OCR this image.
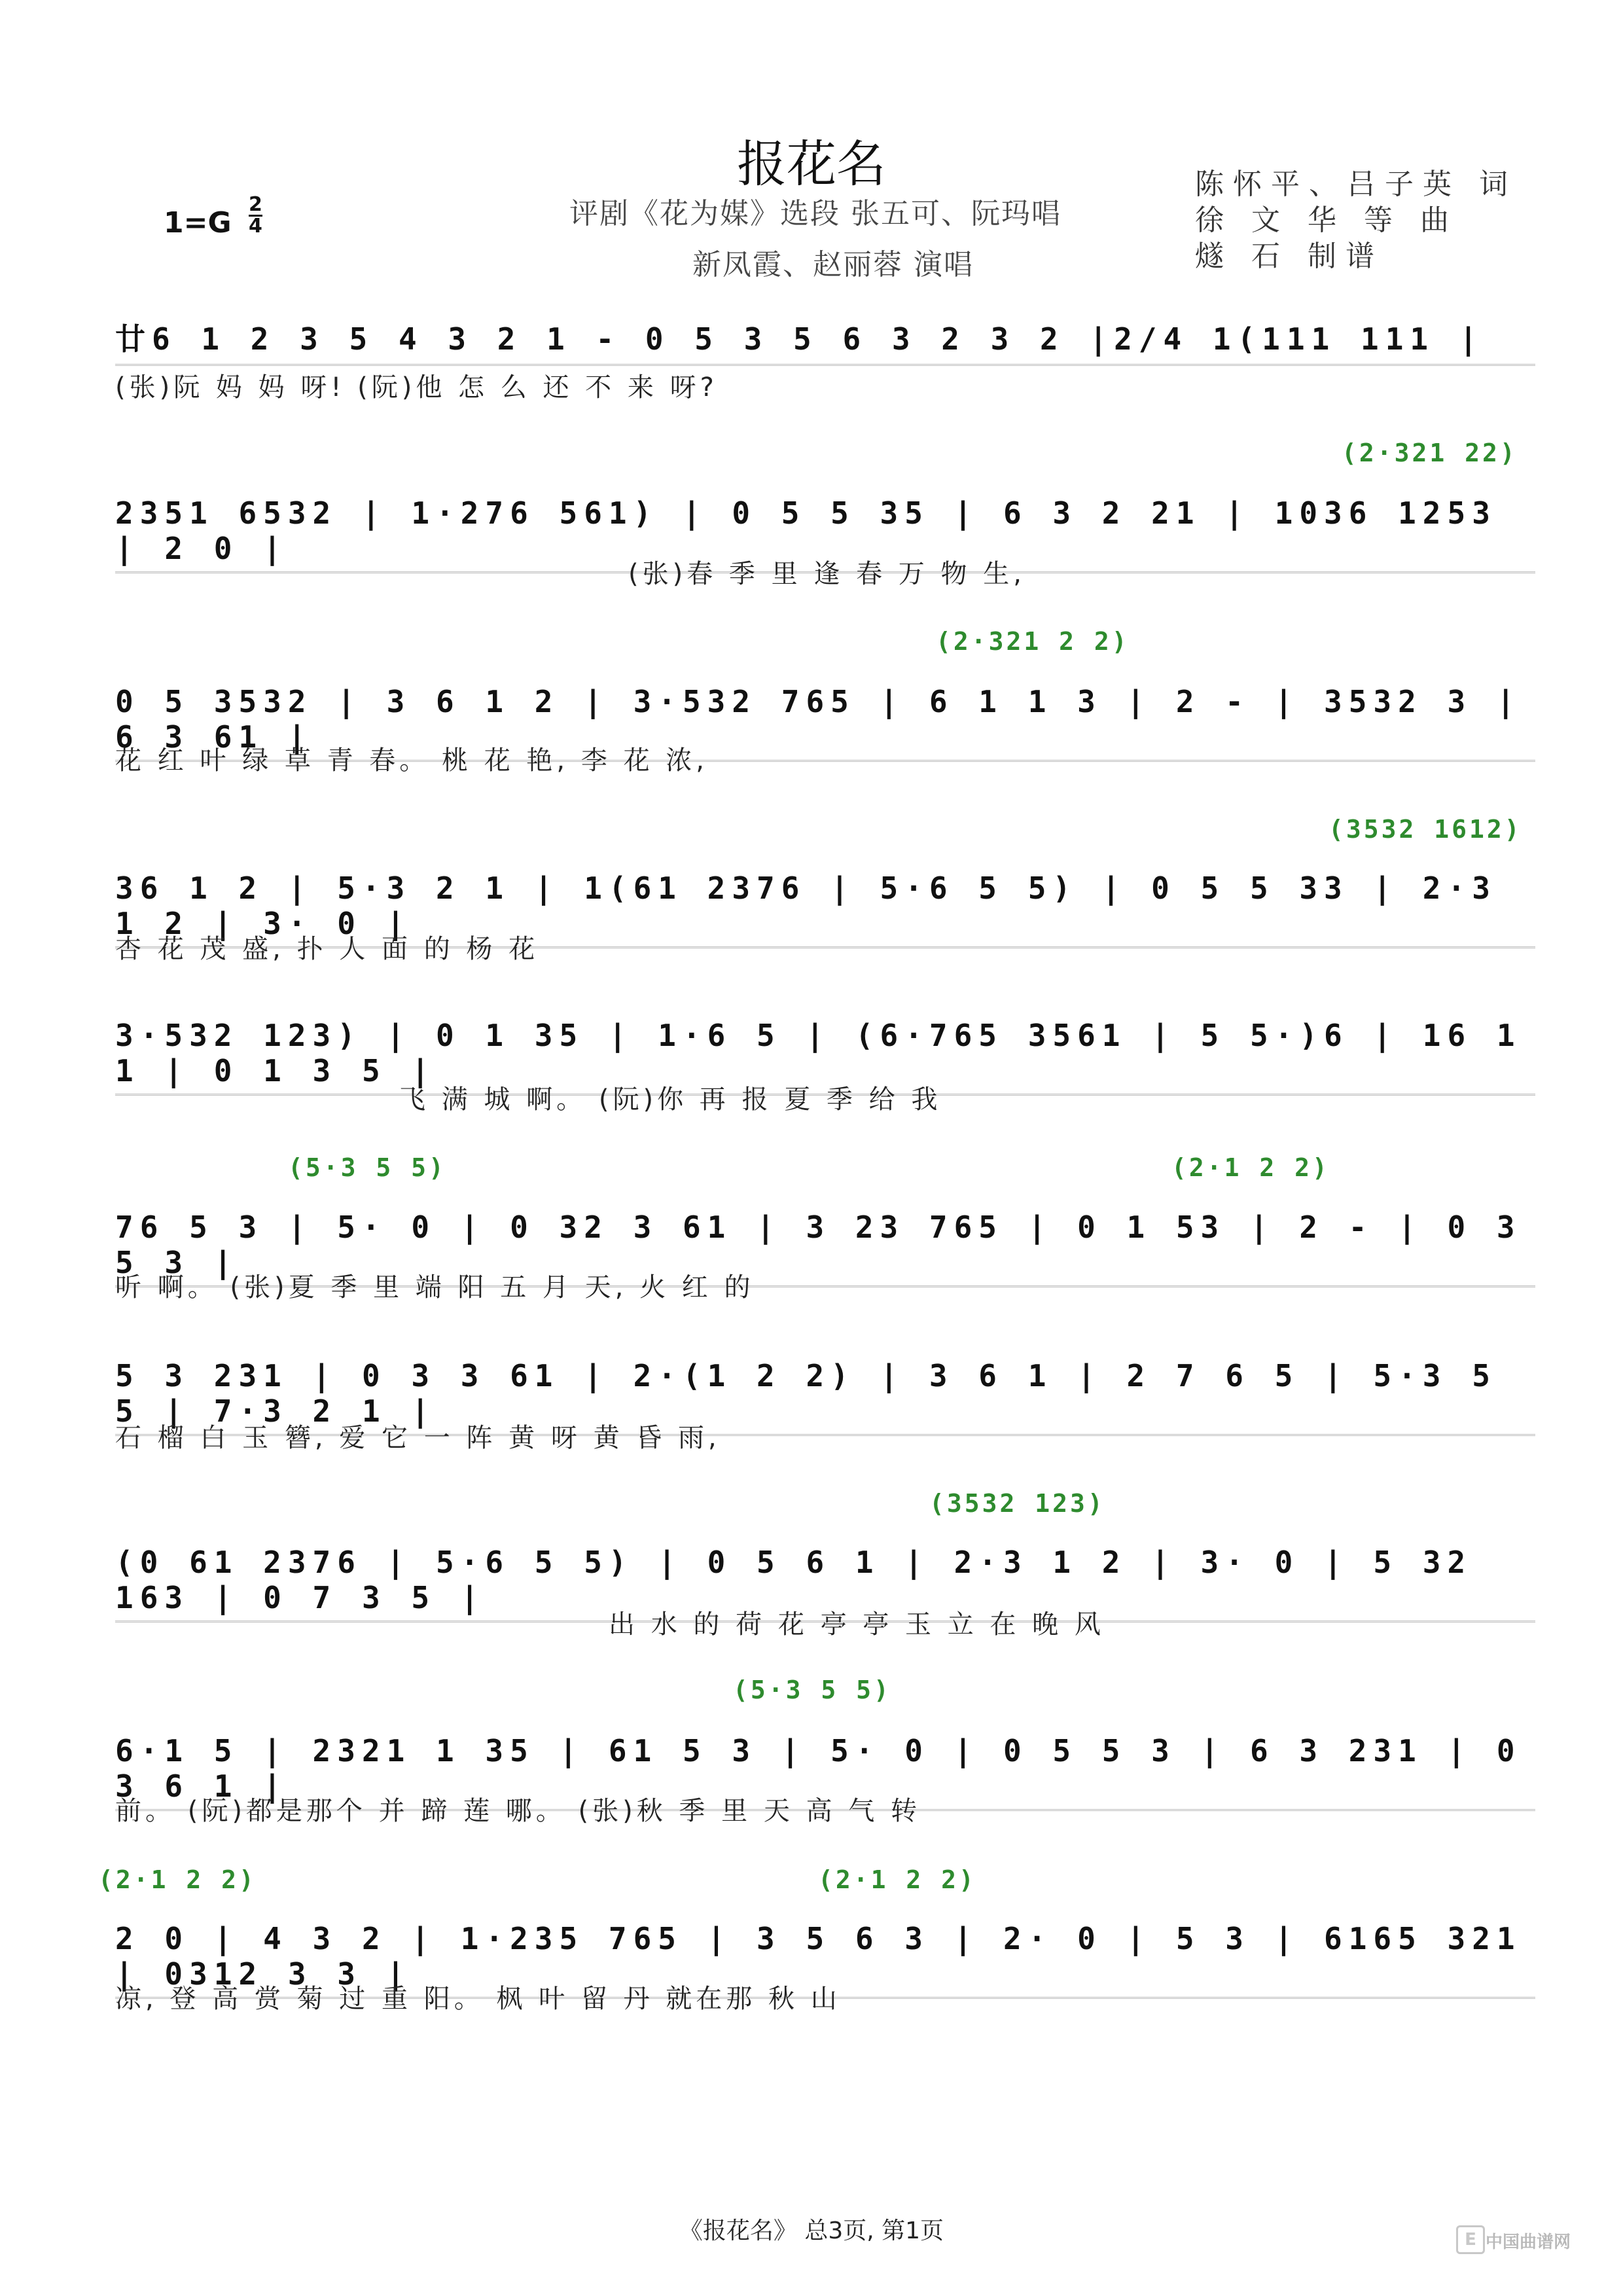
报花名
评剧《花为媒》选段 张五可、阮玛唱
新凤霞、赵丽蓉 演唱
陈怀平、吕子英 词
徐 文 华 等 曲
燧 石 制谱
$1=G \frac{2}{4}$
廿6 1 2 3 5 4 3 2 1 - 0 5 3 5 6 3 2 3 2 |2/4 1(111 111 |
(张)阮 妈 妈 呀! (阮)他 怎 么 还 不 来 呀?
(2·321 22)
2351 6532 | 1·276 561) | 0 5 5 35 | 6 3 2 21 | 1036 1253 | 2 0 |
(张)春 季 里 逢 春 万 物 生,
(2·321 2 2)
0 5 3532 | 3 6 1 2 | 3·532 765 | 6 1 1 3 | 2 - | 3532 3 | 6 3 61 |
花 红 叶 绿 草 青 春。 桃 花 艳, 李 花 浓,
(3532 1612)
36 1 2 | 5·3 2 1 | 1(61 2376 | 5·6 5 5) | 0 5 5 33 | 2·3 1 2 | 3· 0 |
杏 花 茂 盛, 扑 人 面 的 杨 花
3·532 123) | 0 1 35 | 1·6 5 | (6·765 3561 | 5 5·)6 | 16 1 1 | 0 1 3 5 |
飞 满 城 啊。 (阮)你 再 报 夏 季 给 我
(5·3 5 5)
76 5 3 | 5· 0 | 0 32 3 61 | 3 23 765 | 0 1 53 | 2 - | 0 3 5 3 |
听 啊。 (张)夏 季 里 端 阳 五 月 天, 火 红 的
(2·1 2 2)
5 3 231 | 0 3 3 61 | 2·(1 2 2) | 3 6 1 | 2 7 6 5 | 5·3 5 5 | 7·3 2 1 |
石 榴 白 玉 簪, 爱 它 一 阵 黄 呀 黄 昏 雨,
(3532 123)
(0 61 2376 | 5·6 5 5) | 0 5 6 1 | 2·3 1 2 | 3· 0 | 5 32 163 | 0 7 3 5 |
出 水 的 荷 花 亭 亭 玉 立 在 晚 风
(5·3 5 5)
6·1 5 | 2321 1 35 | 61 5 3 | 5· 0 | 0 5 5 3 | 6 3 231 | 0 3 6 1 |
前。 (阮)都是那个 并 蹄 莲 哪。 (张)秋 季 里 天 高 气 转
(2·1 2 2)	(2·1 2 2)
2 0 | 4 3 2 | 1·235 765 | 3 5 6 3 | 2· 0 | 5 3 | 6165 321 | 0312 3 3 |
凉, 登 高 赏 菊 过 重 阳。 枫 叶 留 丹 就在那 秋 山
《报花名》 总3页, 第1页	E 中国曲谱网
